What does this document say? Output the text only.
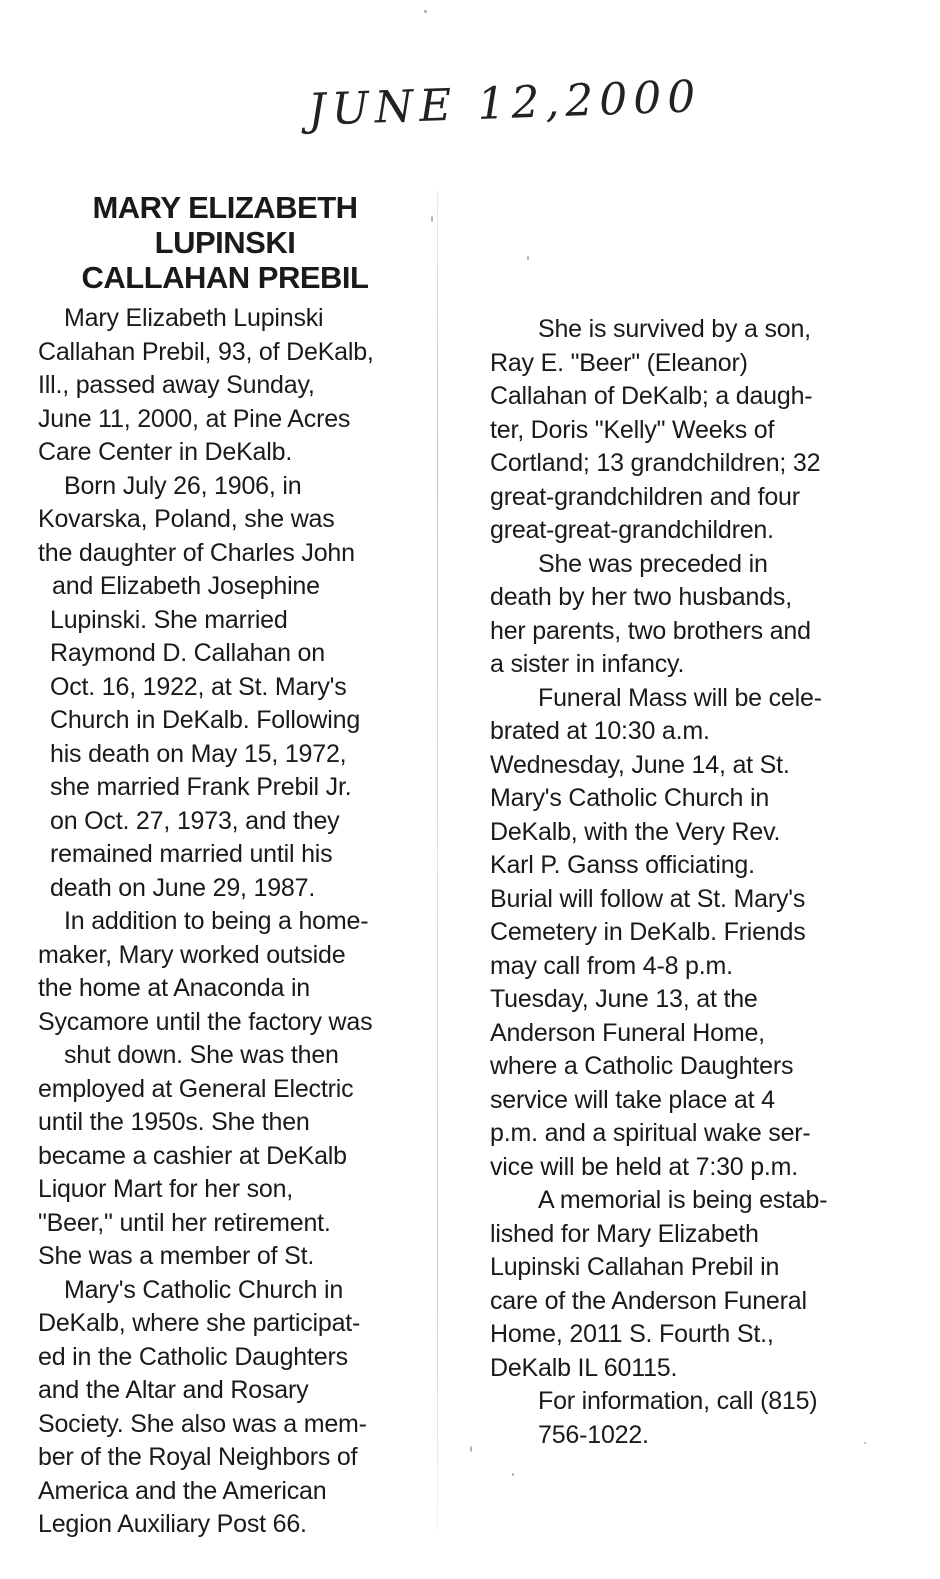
JUNE 12,2000
MARY ELIZABETH
LUPINSKI
CALLAHAN PREBIL
Mary Elizabeth Lupinski
Callahan Prebil, 93, of DeKalb,
Ill., passed away Sunday,
June 11, 2000, at Pine Acres
Care Center in DeKalb.
Born July 26, 1906, in
Kovarska, Poland, she was
the daughter of Charles John
and Elizabeth Josephine
Lupinski. She married
Raymond D. Callahan on
Oct. 16, 1922, at St. Mary's
Church in DeKalb. Following
his death on May 15, 1972,
she married Frank Prebil Jr.
on Oct. 27, 1973, and they
remained married until his
death on June 29, 1987.
In addition to being a home-
maker, Mary worked outside
the home at Anaconda in
Sycamore until the factory was
shut down. She was then
employed at General Electric
until the 1950s. She then
became a cashier at DeKalb
Liquor Mart for her son,
"Beer," until her retirement.
She was a member of St.
Mary's Catholic Church in
DeKalb, where she participat-
ed in the Catholic Daughters
and the Altar and Rosary
Society. She also was a mem-
ber of the Royal Neighbors of
America and the American
Legion Auxiliary Post 66.
She is survived by a son,
Ray E. "Beer" (Eleanor)
Callahan of DeKalb; a daugh-
ter, Doris "Kelly" Weeks of
Cortland; 13 grandchildren; 32
great-grandchildren and four
great-great-grandchildren.
She was preceded in
death by her two husbands,
her parents, two brothers and
a sister in infancy.
Funeral Mass will be cele-
brated at 10:30 a.m.
Wednesday, June 14, at St.
Mary's Catholic Church in
DeKalb, with the Very Rev.
Karl P. Ganss officiating.
Burial will follow at St. Mary's
Cemetery in DeKalb. Friends
may call from 4-8 p.m.
Tuesday, June 13, at the
Anderson Funeral Home,
where a Catholic Daughters
service will take place at 4
p.m. and a spiritual wake ser-
vice will be held at 7:30 p.m.
A memorial is being estab-
lished for Mary Elizabeth
Lupinski Callahan Prebil in
care of the Anderson Funeral
Home, 2011 S. Fourth St.,
DeKalb IL 60115.
For information, call (815)
756-1022.
